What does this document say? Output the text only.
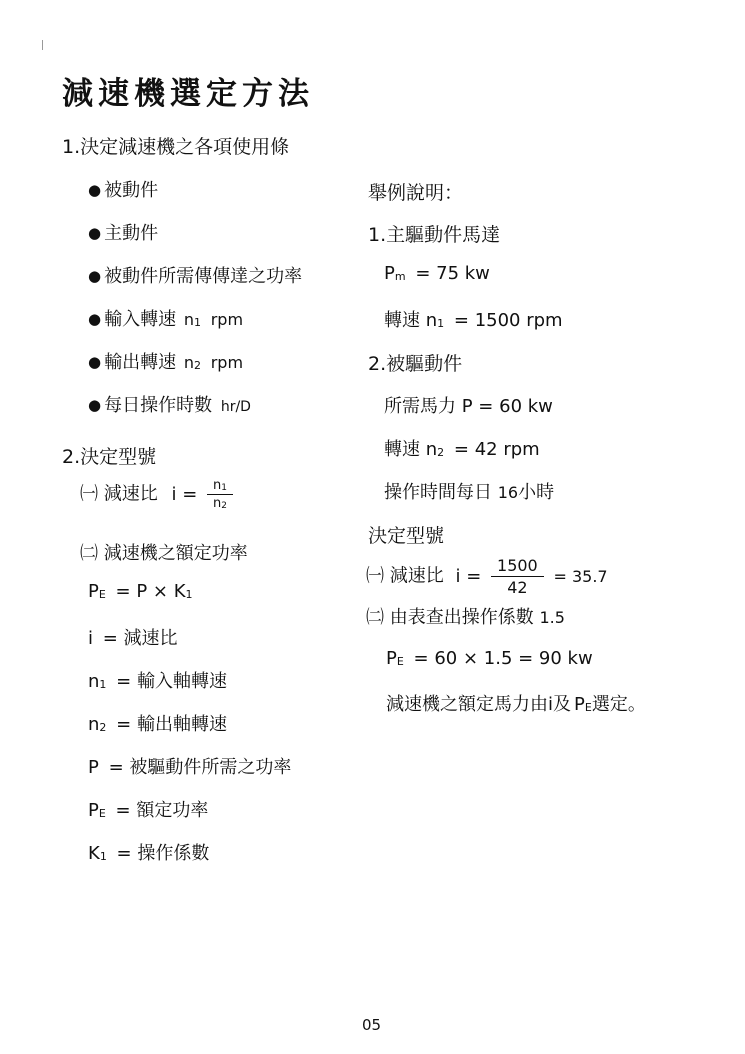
減速機選定方法
1.決定減速機之各項使用條
● 被動件
● 主動件
● 被動件所需傳傳達之功率
● 輸入轉速 n1 rpm
● 輸出轉速 n2 rpm
● 每日操作時數 hr/D
2.決定型號
㈠ 減速比 $i = \frac{n1}{n2}$
㈡ 減速機之額定功率
PE = P × K1
i = 減速比
n1 = 輸入軸轉速
n2 = 輸出軸轉速
P = 被驅動件所需之功率
PE = 額定功率
K1 = 操作係數
舉例說明：
1.主驅動件馬達
Pm = 75 kw
轉速 n1 = 1500 rpm
2.被驅動件
所需馬力 P = 60 kw
轉速 n2 = 42 rpm
操作時間每日 16小時
決定型號
㈠ 減速比 $i = \frac{1500}{42} = 35.7$
㈡ 由表查出操作係數 1.5
PE = 60 × 1.5 = 90 kw
減速機之額定馬力由i及 PE選定。
05
